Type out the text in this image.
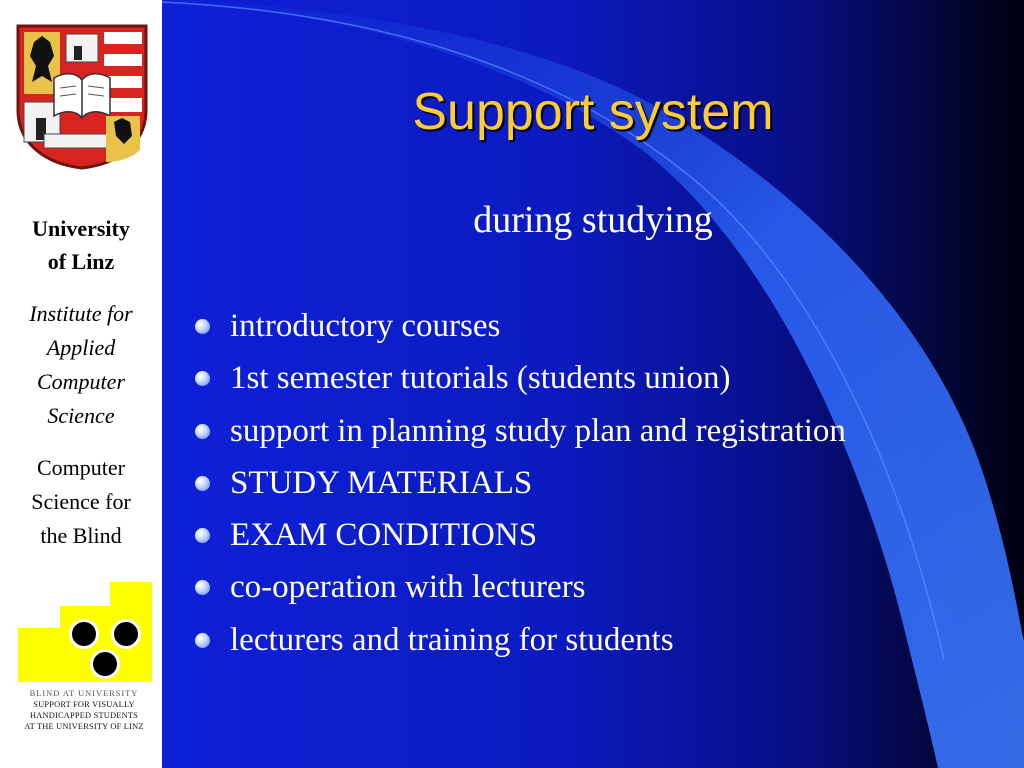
University
of Linz
Institute for
Applied
Computer
Science
Computer
Science for
the Blind
BLIND AT UNIVERSITY
SUPPORT FOR VISUALLY
HANDICAPPED STUDENTS
AT THE UNIVERSITY OF LINZ
Support system
during studying
introductory courses
1st semester tutorials (students union)
support in planning study plan and registration
STUDY MATERIALS
EXAM CONDITIONS
co-operation with lecturers
lecturers and training for students
